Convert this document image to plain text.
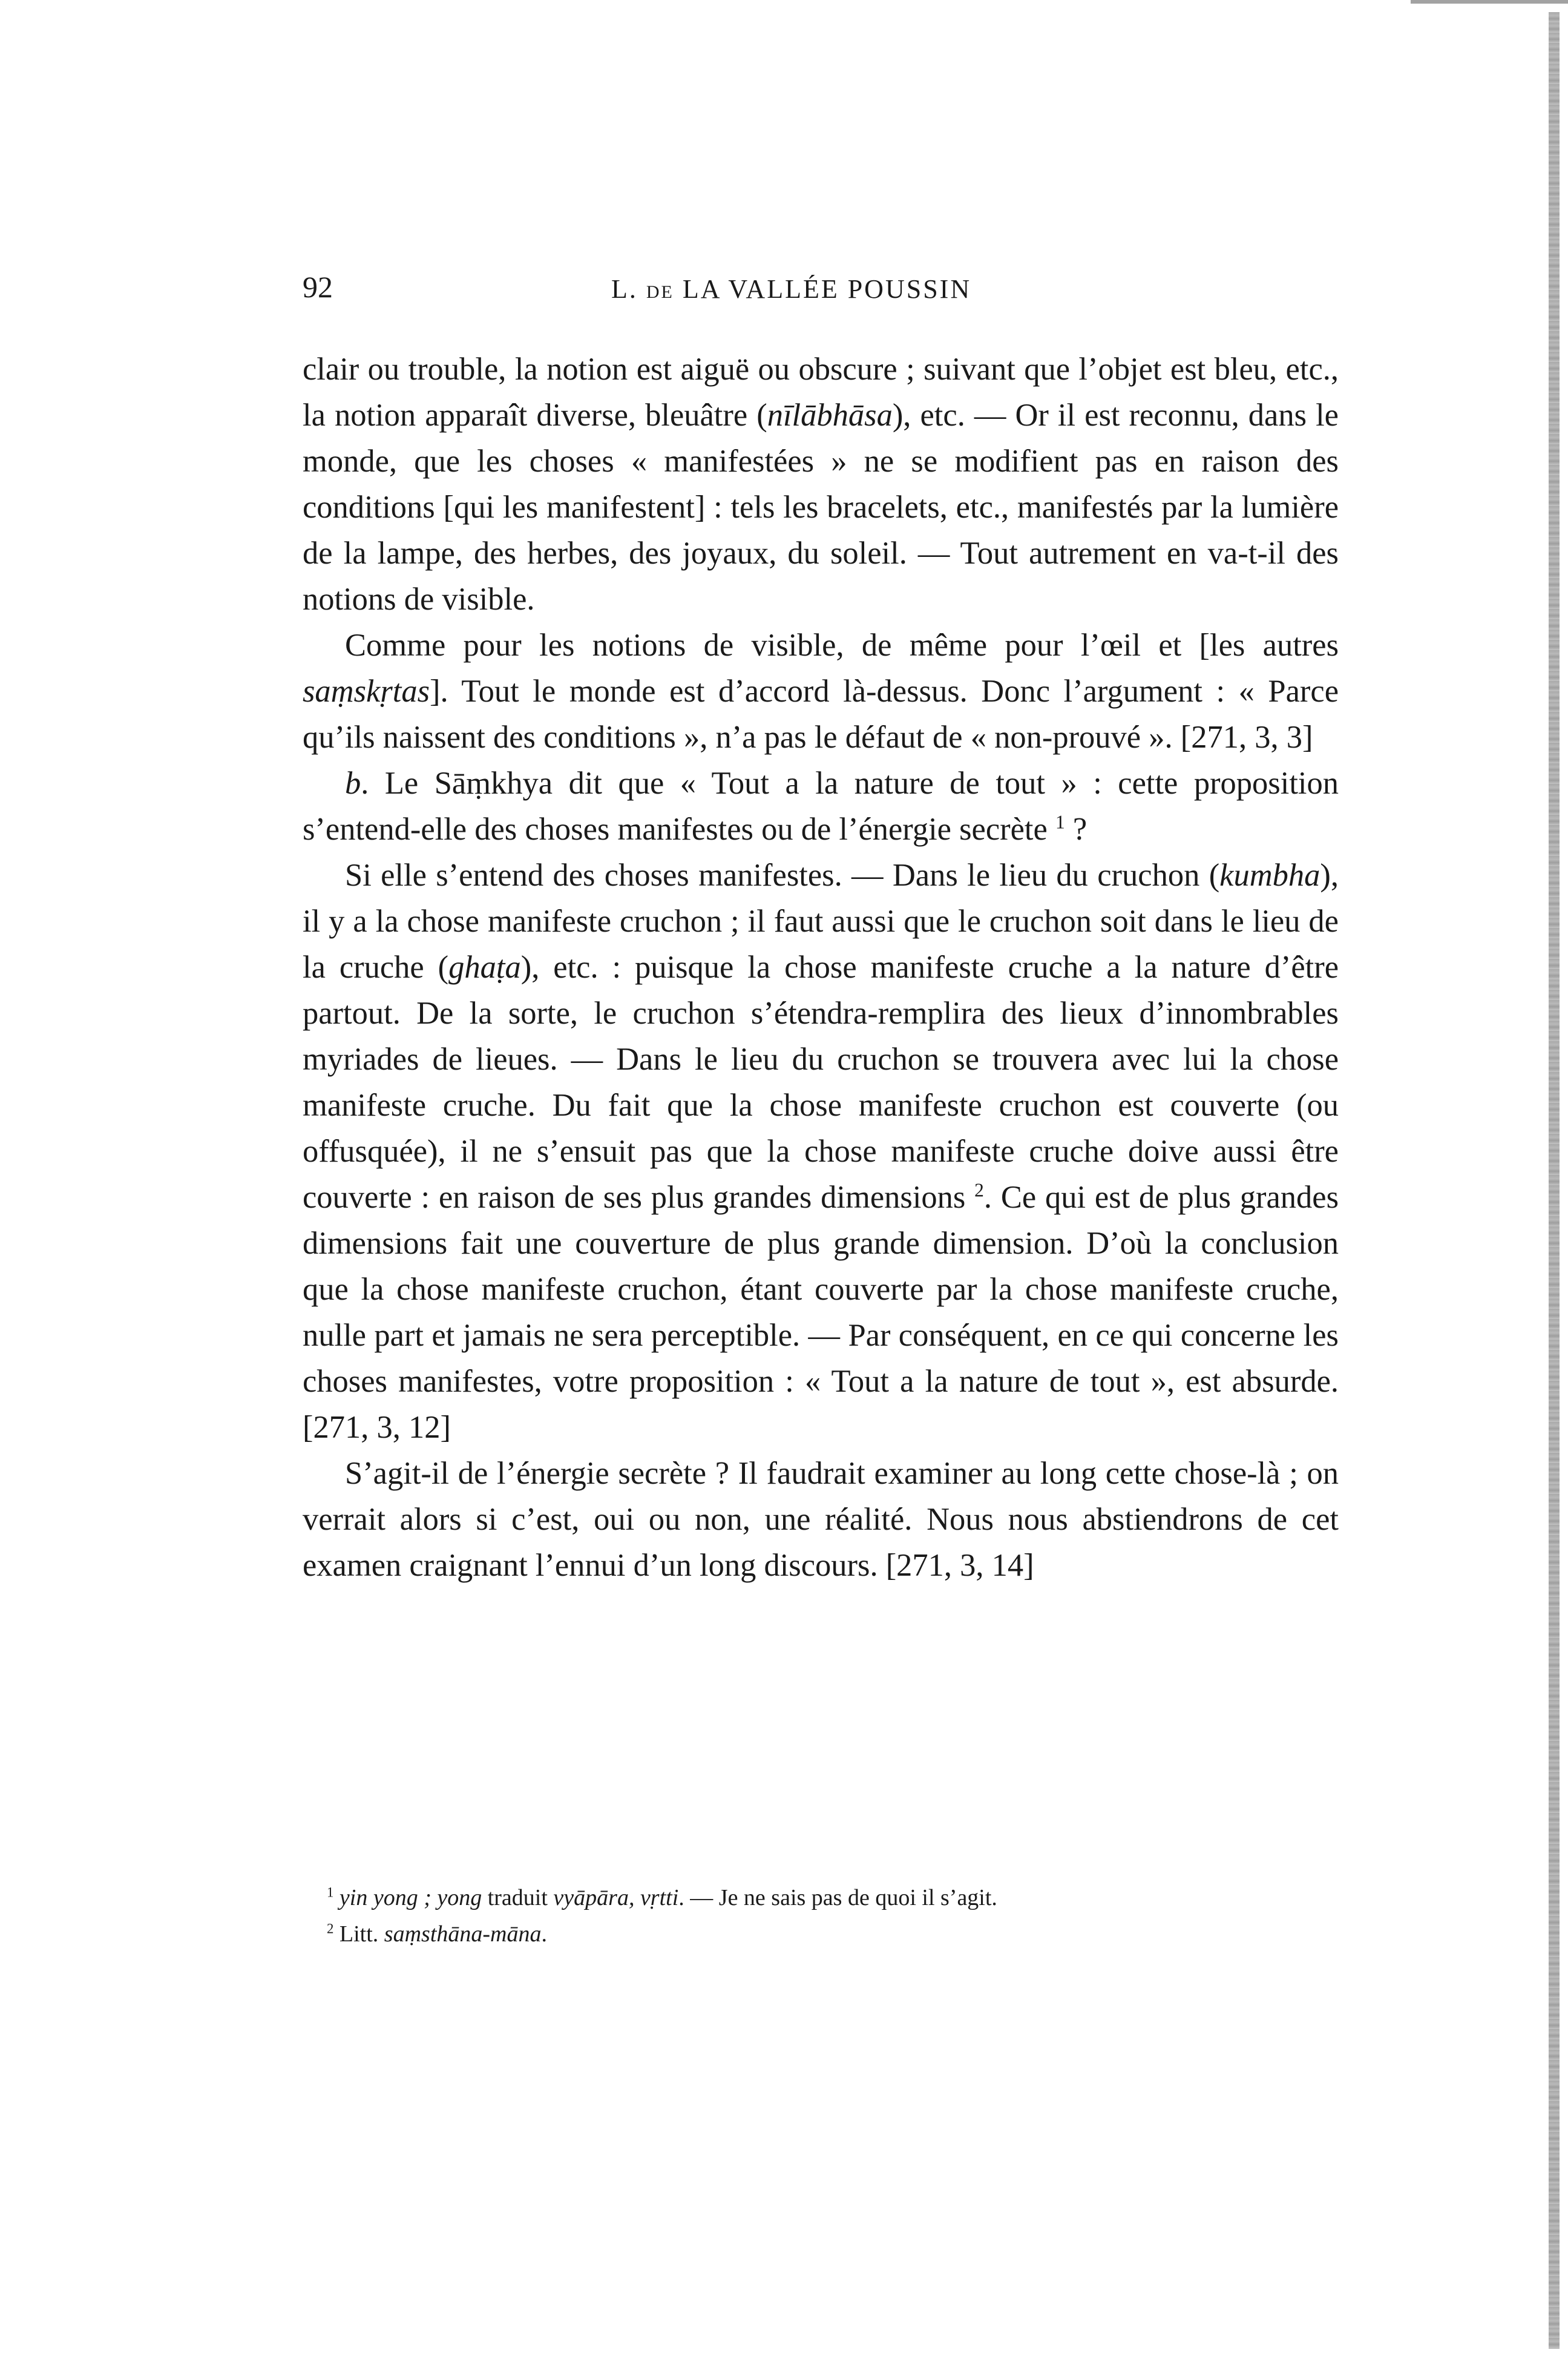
92	L. DE LA VALLÉE POUSSIN

clair ou trouble, la notion est aiguë ou obscure ; suivant que l’objet est bleu, etc., la notion apparaît diverse, bleuâtre (nīlābhāsa), etc. — Or il est reconnu, dans le monde, que les choses « manifestées » ne se modifient pas en raison des conditions [qui les manifestent] : tels les bracelets, etc., manifestés par la lumière de la lampe, des herbes, des joyaux, du soleil. — Tout autrement en va-t-il des notions de visible.

Comme pour les notions de visible, de même pour l’œil et [les autres saṃskṛtas]. Tout le monde est d’accord là-dessus. Donc l’argument : « Parce qu’ils naissent des conditions », n’a pas le défaut de « non-prouvé ». [271, 3, 3]

b. Le Sāṃkhya dit que « Tout a la nature de tout » : cette proposition s’entend-elle des choses manifestes ou de l’énergie secrète $^1$ ?

Si elle s’entend des choses manifestes. — Dans le lieu du cruchon (kumbha), il y a la chose manifeste cruchon ; il faut aussi que le cruchon soit dans le lieu de la cruche (ghaṭa), etc. : puisque la chose manifeste cruche a la nature d’être partout. De la sorte, le cruchon s’étendra-remplira des lieux d’innombrables myriades de lieues. — Dans le lieu du cruchon se trouvera avec lui la chose manifeste cruche. Du fait que la chose manifeste cruchon est couverte (ou offusquée), il ne s’ensuit pas que la chose manifeste cruche doive aussi être couverte : en raison de ses plus grandes dimensions $^2$. Ce qui est de plus grandes dimensions fait une couverture de plus grande dimension. D’où la conclusion que la chose manifeste cruchon, étant couverte par la chose manifeste cruche, nulle part et jamais ne sera perceptible. — Par conséquent, en ce qui concerne les choses manifestes, votre proposition : « Tout a la nature de tout », est absurde. [271, 3, 12]

S’agit-il de l’énergie secrète ? Il faudrait examiner au long cette chose-là ; on verrait alors si c’est, oui ou non, une réalité. Nous nous abstiendrons de cet examen craignant l’ennui d’un long discours. [271, 3, 14]

$^1$ yin yong ; yong traduit vyāpāra, vṛtti. — Je ne sais pas de quoi il s’agit.

$^2$ Litt. saṃsthāna-māna.
